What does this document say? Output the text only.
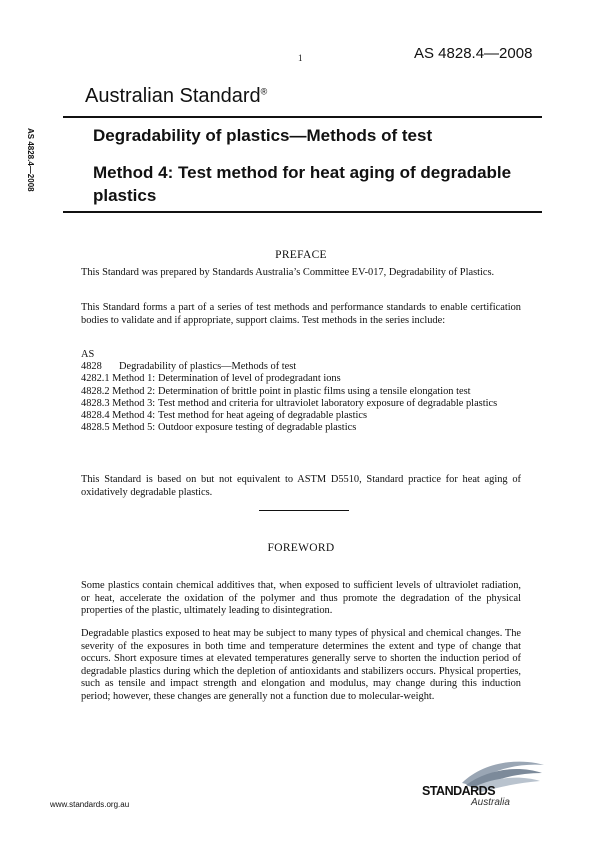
1	AS 4828.4—2008
Australian Standard®
AS 4828.4—2008	Degradability of plastics—Methods of test
Method 4: Test method for heat aging of degradable plastics
PREFACE
This Standard was prepared by Standards Australia’s Committee EV-017, Degradability of Plastics.
This Standard forms a part of a series of test methods and performance standards to enable certification bodies to validate and if appropriate, support claims. Test methods in the series include:
AS
4828	Degradability of plastics—Methods of test
4282.1 Method 1: Determination of level of prodegradant ions
4828.2 Method 2: Determination of brittle point in plastic films using a tensile elongation test
4828.3 Method 3: Test method and criteria for ultraviolet laboratory exposure of degradable plastics
4828.4 Method 4: Test method for heat ageing of degradable plastics
4828.5 Method 5: Outdoor exposure testing of degradable plastics
This Standard is based on but not equivalent to ASTM D5510, Standard practice for heat aging of oxidatively degradable plastics.
FOREWORD
Some plastics contain chemical additives that, when exposed to sufficient levels of ultraviolet radiation, or heat, accelerate the oxidation of the polymer and thus promote the degradation of the physical properties of the plastic, ultimately leading to disintegration.
Degradable plastics exposed to heat may be subject to many types of physical and chemical changes. The severity of the exposures in both time and temperature determines the extent and type of change that occurs. Short exposure times at elevated temperatures generally serve to shorten the induction period of degradable plastics during which the depletion of antioxidants and stabilizers occurs. Physical properties, such as tensile and impact strength and elongation and modulus, may change during this induction period; however, these changes are generally not a function due to molecular-weight.
www.standards.org.au
STANDARDS
Australia
